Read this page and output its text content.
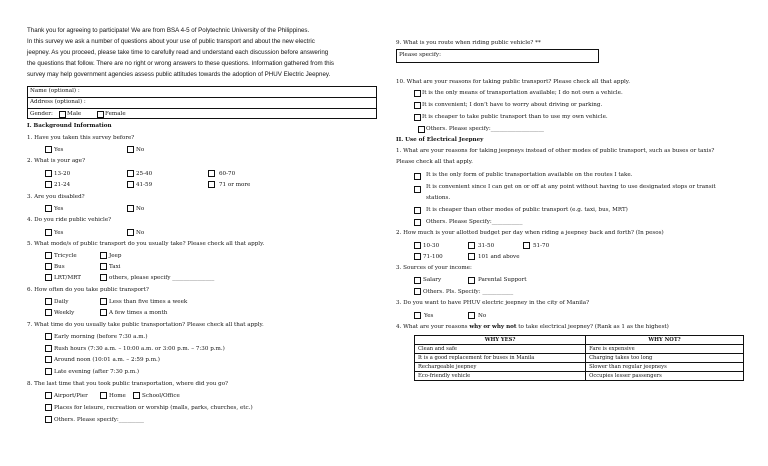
Thank you for agreeing to participate! We are from BSA 4-5 of Polytechnic University of the Philippines.
In this survey we ask a number of questions about your use of public transport and about the new electric
jeepney. As you proceed, please take time to carefully read and understand each discussion before answering
the questions that follow. There are no right or wrong answers to these questions. Information gathered from this
survey may help government agencies assess public attitudes towards the adoption of PHUV Electric Jeepney.
Name (optional) :
Address (optional) :
Gender:	Male	Female
I. Background Information
1. Have you taken this survey before?
Yes	No
2. What is your age?
13-20	25-40	60-70
21-24	41-59	71 or more
3. Are you disabled?
Yes	No
4. Do you ride public vehicle?
Yes	No
5. What mode/s of public transport do you usually take? Please check all that apply.
Tricycle	Jeep
Bus	Taxi
LRT/MRT	others, please specify _______________
6. How often do you take public transport?
Daily	Less than five times a week
Weekly	A few times a month
7. What time do you usually take public transportation? Please check all that apply.
Early morning (before 7:30 a.m.)
Rush hours (7:30 a.m. – 10:00 a.m. or 3:00 p.m. – 7:30 p.m.)
Around noon (10:01 a.m. – 2:59 p.m.)
Late evening (after 7:30 p.m.)
8. The last time that you took public transportation, where did you go?
Airport/Pier	Home	School/Office
Places for leisure, recreation or worship (malls, parks, churches, etc.)
Others. Please specify:_________
9. What is you route when riding public vehicle? **
Please specify:
10. What are your reasons for taking public transport? Please check all that apply.
It is the only means of transportation available; I do not own a vehicle.
It is convenient; I don’t have to worry about driving or parking.
It is cheaper to take public transport than to use my own vehicle.
Others. Please specify:___________________
II. Use of Electrical Jeepney
1. What are your reasons for taking jeepneys instead of other modes of public transport, such as buses or taxis?
Please check all that apply.
It is the only form of public transportation available on the routes I take.
It is convenient since I can get on or off at any point without having to use designated stops or transit
stations.
It is cheaper than other modes of public transport (e.g. taxi, bus, MRT)
Others. Please Specify:___________
2. How much is your allotted budget per day when riding a jeepney back and forth? (In pesos)
10-30	31-50	51-70
71-100	101 and above
3. Sources of your income:
Salary	Parental Support
Others. Pls. Specify: ___________
3. Do you want to have PHUV electric jeepney in the city of Manila?
Yes	No
4. What are your reasons why or why not to take electrical jeepney? (Rank as 1 as the highest)
WHY YES?	WHY NOT?
Clean and safe	Fare is expensive
It is a good replacement for buses in Manila	Charging takes too long
Rechargeable jeepney	Slower than regular jeepneys
Eco-friendly vehicle	Occupies lesser passengers
